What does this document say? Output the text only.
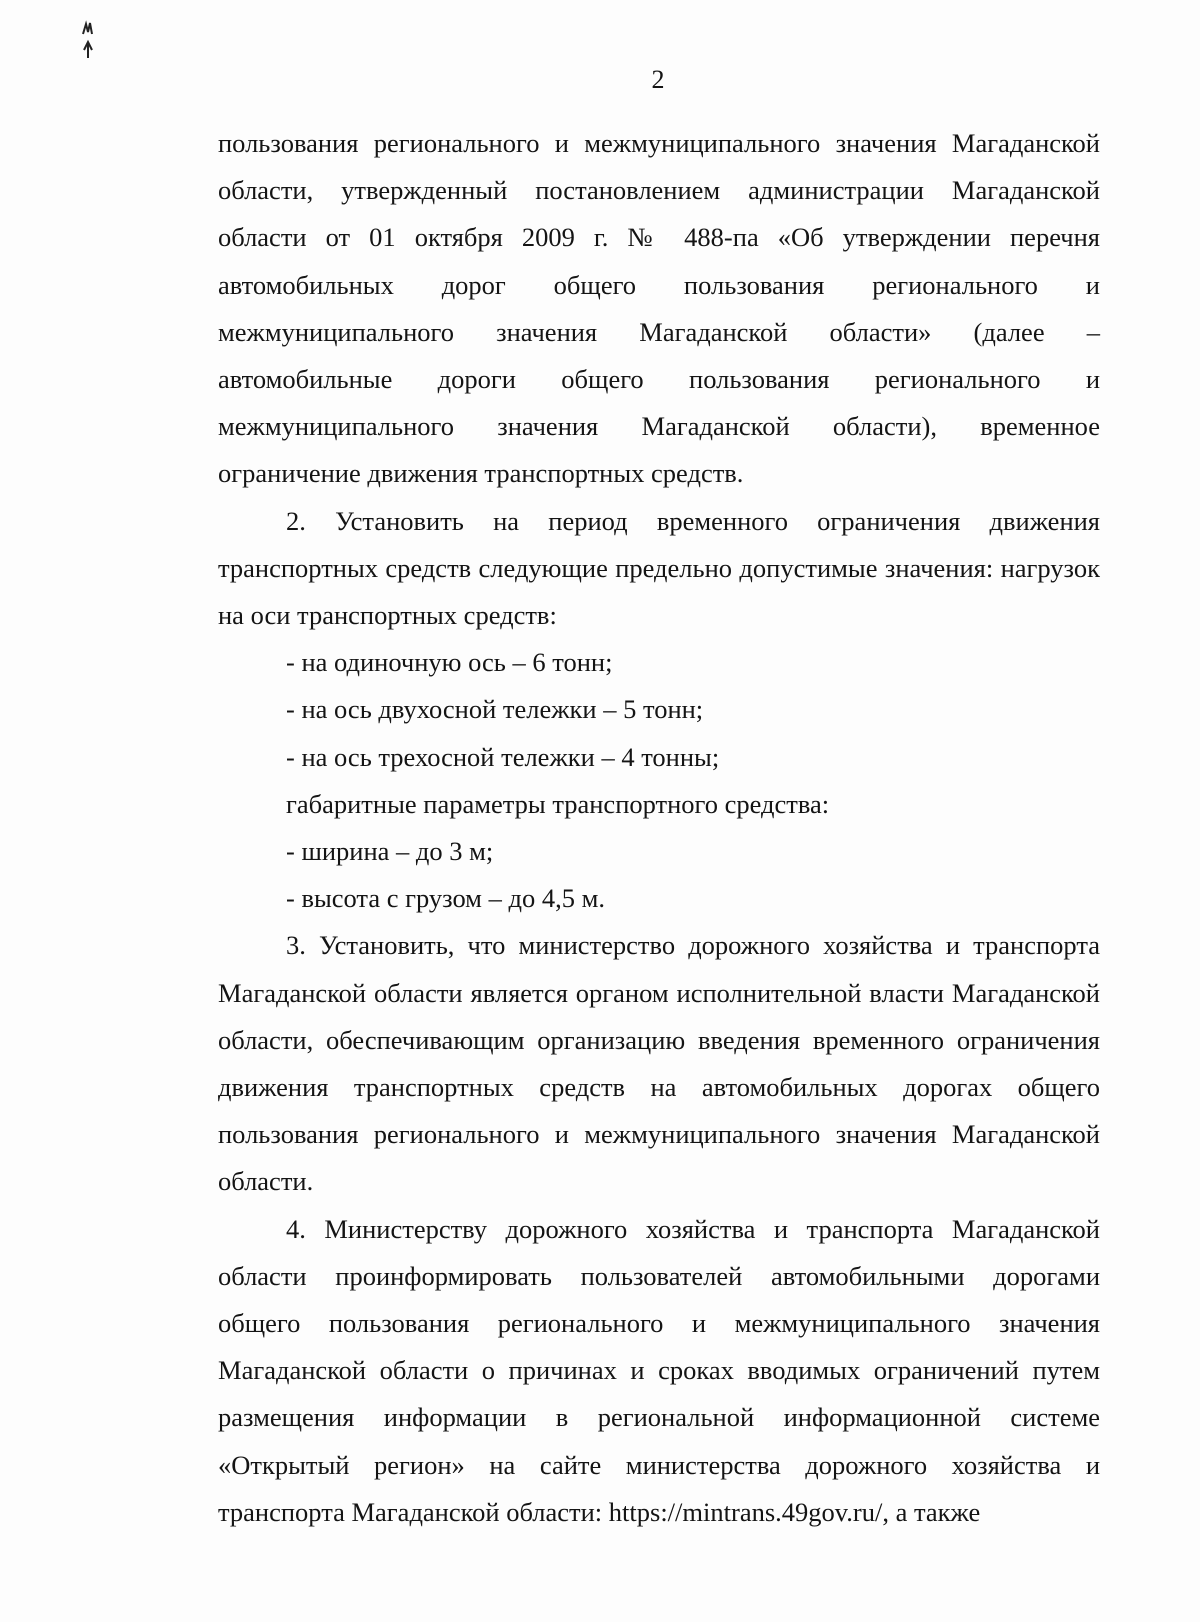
2

пользования регионального и межмуниципального значения Магаданской области, утвержденный постановлением администрации Магаданской области от 01 октября 2009 г. № 488-па «Об утверждении перечня автомобильных дорог общего пользования регионального и межмуниципального значения Магаданской области» (далее – автомобильные дороги общего пользования регионального и межмуниципального значения Магаданской области), временное ограничение движения транспортных средств.

2. Установить на период временного ограничения движения транспортных средств следующие предельно допустимые значения: нагрузок на оси транспортных средств:

- на одиночную ось – 6 тонн;

- на ось двухосной тележки – 5 тонн;

- на ось трехосной тележки – 4 тонны;

габаритные параметры транспортного средства:

- ширина – до 3 м;

- высота с грузом – до 4,5 м.

3. Установить, что министерство дорожного хозяйства и транспорта Магаданской области является органом исполнительной власти Магаданской области, обеспечивающим организацию введения временного ограничения движения транспортных средств на автомобильных дорогах общего пользования регионального и межмуниципального значения Магаданской области.

4. Министерству дорожного хозяйства и транспорта Магаданской области проинформировать пользователей автомобильными дорогами общего пользования регионального и межмуниципального значения Магаданской области о причинах и сроках вводимых ограничений путем размещения информации в региональной информационной системе «Открытый регион» на сайте министерства дорожного хозяйства и транспорта Магаданской области: https://mintrans.49gov.ru/, а также
